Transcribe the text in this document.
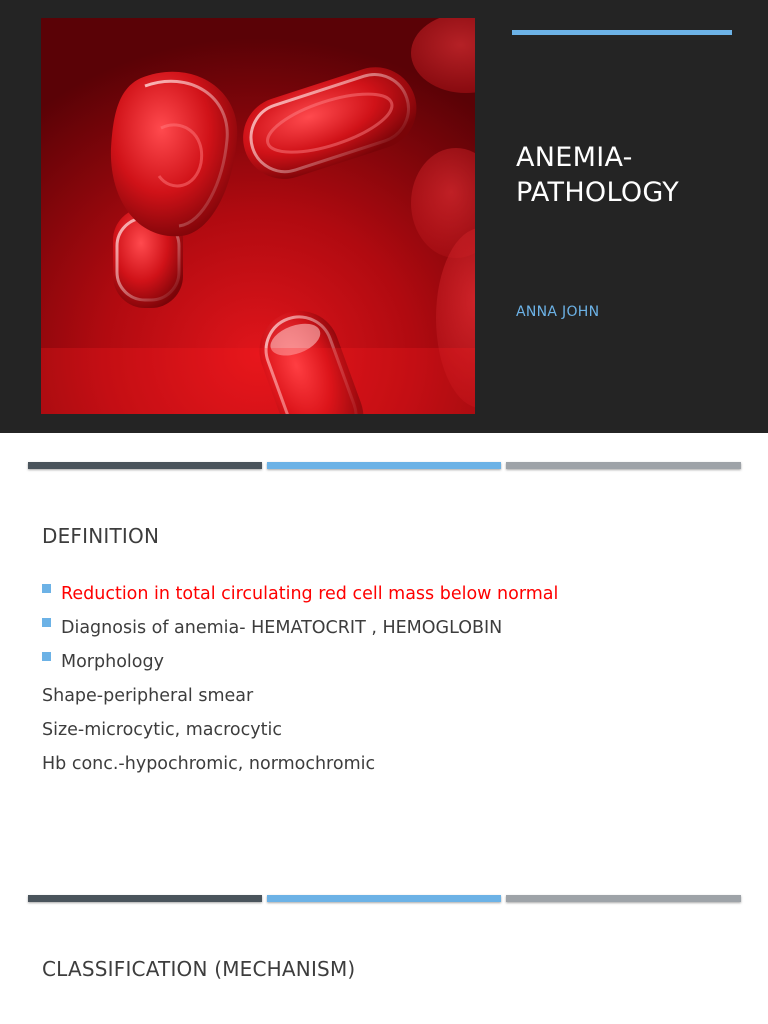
ANEMIA-
PATHOLOGY
ANNA JOHN
DEFINITION
Reduction in total circulating red cell mass below normal
Diagnosis of anemia- HEMATOCRIT , HEMOGLOBIN
Morphology
Shape-peripheral smear
Size-microcytic, macrocytic
Hb conc.-hypochromic, normochromic
CLASSIFICATION (MECHANISM)
